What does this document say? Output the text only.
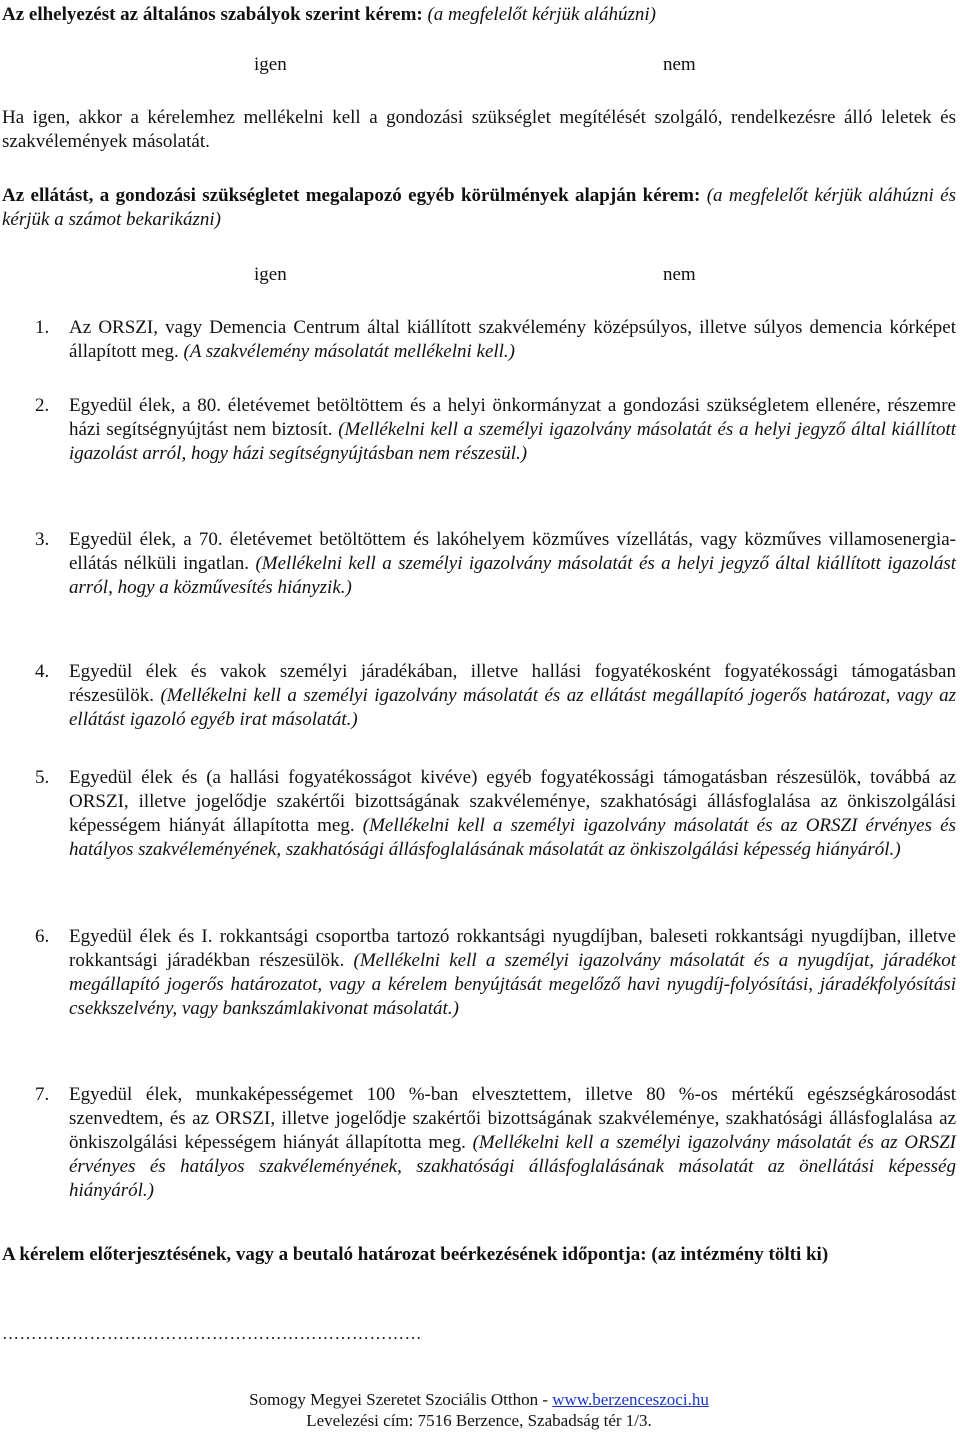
Az elhelyezést az általános szabályok szerint kérem: (a megfelelőt kérjük aláhúzni)

igen	nem

Ha igen, akkor a kérelemhez mellékelni kell a gondozási szükséglet megítélését szolgáló, rendelkezésre álló leletek és szakvélemények másolatát.

Az ellátást, a gondozási szükségletet megalapozó egyéb körülmények alapján kérem: (a megfelelőt kérjük aláhúzni és kérjük a számot bekarikázni)

igen	nem
1. Az ORSZI, vagy Demencia Centrum által kiállított szakvélemény középsúlyos, illetve súlyos demencia kórképet állapított meg. (A szakvélemény másolatát mellékelni kell.)

2. Egyedül élek, a 80. életévemet betöltöttem és a helyi önkormányzat a gondozási szükségletem ellenére, részemre házi segítségnyújtást nem biztosít. (Mellékelni kell a személyi igazolvány másolatát és a helyi jegyző által kiállított igazolást arról, hogy házi segítségnyújtásban nem részesül.)

3. Egyedül élek, a 70. életévemet betöltöttem és lakóhelyem közműves vízellátás, vagy közműves villamosenergia-ellátás nélküli ingatlan. (Mellékelni kell a személyi igazolvány másolatát és a helyi jegyző által kiállított igazolást arról, hogy a közművesítés hiányzik.)

4. Egyedül élek és vakok személyi járadékában, illetve hallási fogyatékosként fogyatékossági támogatásban részesülök. (Mellékelni kell a személyi igazolvány másolatát és az ellátást megállapító jogerős határozat, vagy az ellátást igazoló egyéb irat másolatát.)

5. Egyedül élek és (a hallási fogyatékosságot kivéve) egyéb fogyatékossági támogatásban részesülök, továbbá az ORSZI, illetve jogelődje szakértői bizottságának szakvéleménye, szakhatósági állásfoglalása az önkiszolgálási képességem hiányát állapította meg. (Mellékelni kell a személyi igazolvány másolatát és az ORSZI érvényes és hatályos szakvéleményének, szakhatósági állásfoglalásának másolatát az önkiszolgálási képesség hiányáról.)

6. Egyedül élek és I. rokkantsági csoportba tartozó rokkantsági nyugdíjban, baleseti rokkantsági nyugdíjban, illetve rokkantsági járadékban részesülök. (Mellékelni kell a személyi igazolvány másolatát és a nyugdíjat, járadékot megállapító jogerős határozatot, vagy a kérelem benyújtását megelőző havi nyugdíj-folyósítási, járadékfolyósítási csekkszelvény, vagy bankszámlakivonat másolatát.)

7. Egyedül élek, munkaképességemet 100 %-ban elvesztettem, illetve 80 %-os mértékű egészségkárosodást szenvedtem, és az ORSZI, illetve jogelődje szakértői bizottságának szakvéleménye, szakhatósági állásfoglalása az önkiszolgálási képességem hiányát állapította meg. (Mellékelni kell a személyi igazolvány másolatát és az ORSZI érvényes és hatályos szakvéleményének, szakhatósági állásfoglalásának másolatát az önellátási képesség hiányáról.)

A kérelem előterjesztésének, vagy a beutaló határozat beérkezésének időpontja: (az intézmény tölti ki)

………………………………………………………………

Somogy Megyei Szeretet Szociális Otthon - www.berzenceszoci.hu

Levelezési cím: 7516 Berzence, Szabadság tér 1/3.
